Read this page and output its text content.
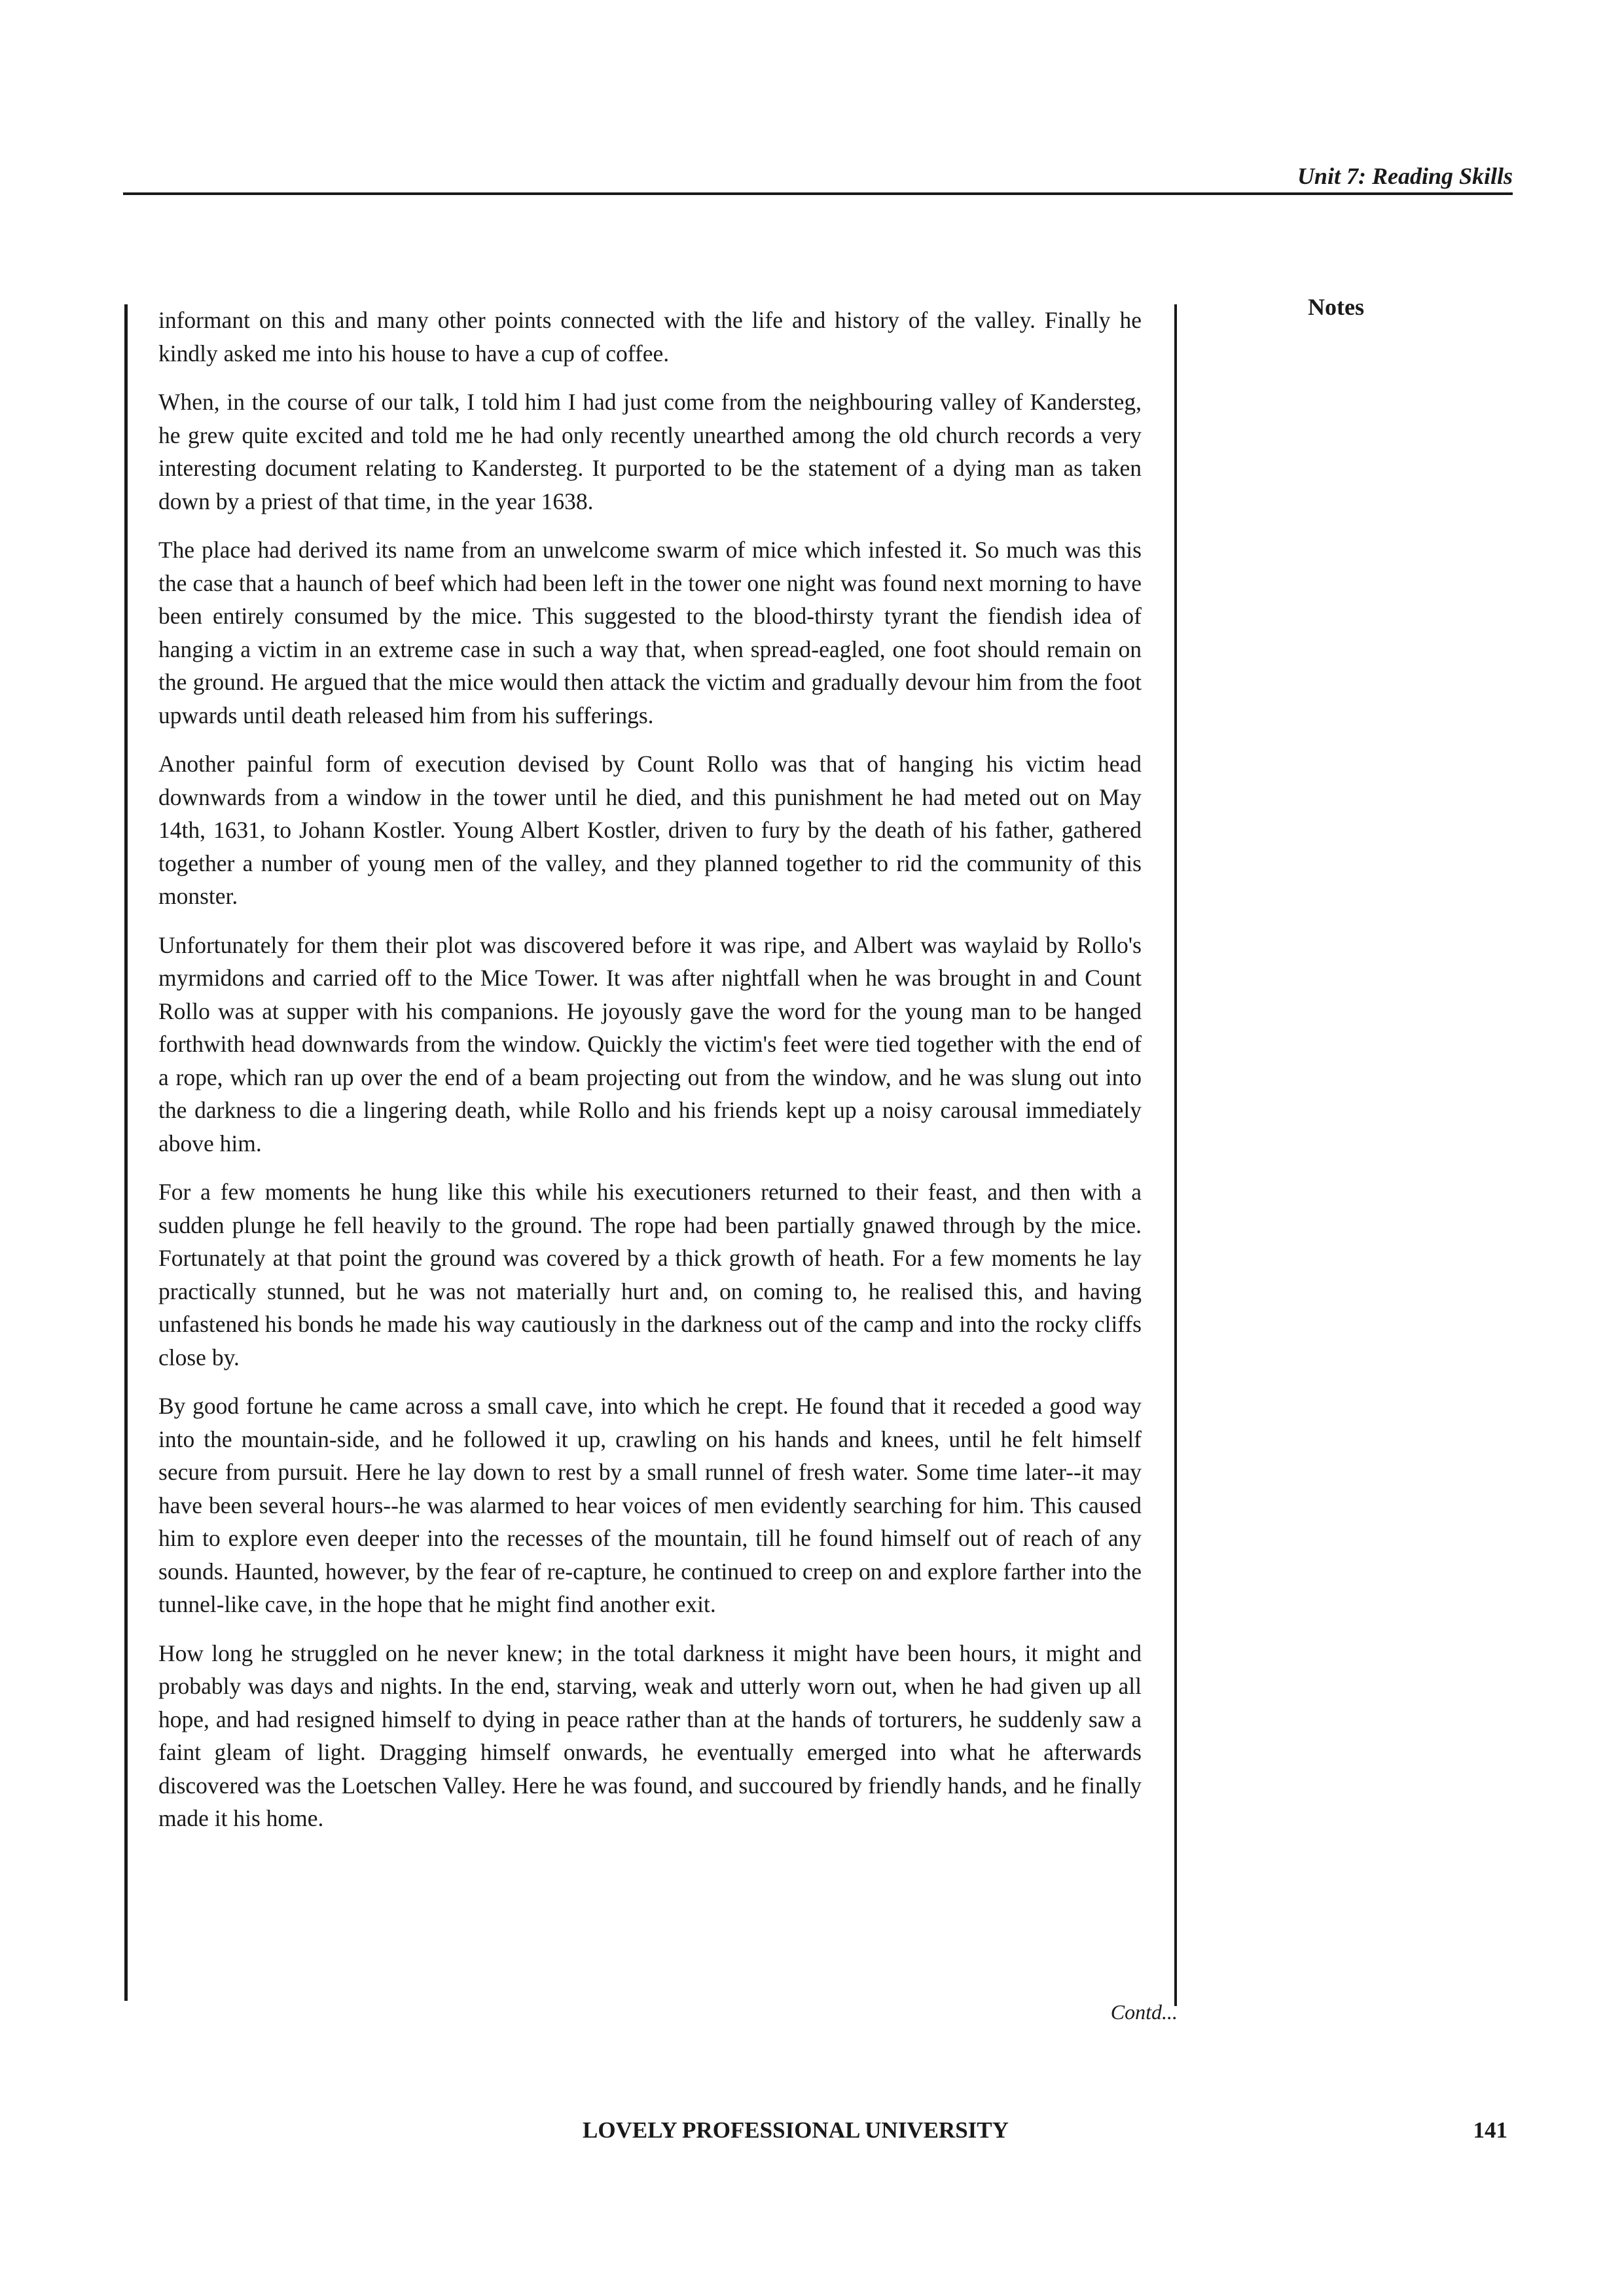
Unit 7: Reading Skills
Notes

informant on this and many other points connected with the life and history of the valley. Finally he kindly asked me into his house to have a cup of coffee.

When, in the course of our talk, I told him I had just come from the neighbouring valley of Kandersteg, he grew quite excited and told me he had only recently unearthed among the old church records a very interesting document relating to Kandersteg. It purported to be the statement of a dying man as taken down by a priest of that time, in the year 1638.

The place had derived its name from an unwelcome swarm of mice which infested it. So much was this the case that a haunch of beef which had been left in the tower one night was found next morning to have been entirely consumed by the mice. This suggested to the blood-thirsty tyrant the fiendish idea of hanging a victim in an extreme case in such a way that, when spread-eagled, one foot should remain on the ground. He argued that the mice would then attack the victim and gradually devour him from the foot upwards until death released him from his sufferings.

Another painful form of execution devised by Count Rollo was that of hanging his victim head downwards from a window in the tower until he died, and this punishment he had meted out on May 14th, 1631, to Johann Kostler. Young Albert Kostler, driven to fury by the death of his father, gathered together a number of young men of the valley, and they planned together to rid the community of this monster.

Unfortunately for them their plot was discovered before it was ripe, and Albert was waylaid by Rollo's myrmidons and carried off to the Mice Tower. It was after nightfall when he was brought in and Count Rollo was at supper with his companions. He joyously gave the word for the young man to be hanged forthwith head downwards from the window. Quickly the victim's feet were tied together with the end of a rope, which ran up over the end of a beam projecting out from the window, and he was slung out into the darkness to die a lingering death, while Rollo and his friends kept up a noisy carousal immediately above him.

For a few moments he hung like this while his executioners returned to their feast, and then with a sudden plunge he fell heavily to the ground. The rope had been partially gnawed through by the mice. Fortunately at that point the ground was covered by a thick growth of heath. For a few moments he lay practically stunned, but he was not materially hurt and, on coming to, he realised this, and having unfastened his bonds he made his way cautiously in the darkness out of the camp and into the rocky cliffs close by.

By good fortune he came across a small cave, into which he crept. He found that it receded a good way into the mountain-side, and he followed it up, crawling on his hands and knees, until he felt himself secure from pursuit. Here he lay down to rest by a small runnel of fresh water. Some time later--it may have been several hours--he was alarmed to hear voices of men evidently searching for him. This caused him to explore even deeper into the recesses of the mountain, till he found himself out of reach of any sounds. Haunted, however, by the fear of re-capture, he continued to creep on and explore farther into the tunnel-like cave, in the hope that he might find another exit.

How long he struggled on he never knew; in the total darkness it might have been hours, it might and probably was days and nights. In the end, starving, weak and utterly worn out, when he had given up all hope, and had resigned himself to dying in peace rather than at the hands of torturers, he suddenly saw a faint gleam of light. Dragging himself onwards, he eventually emerged into what he afterwards discovered was the Loetschen Valley. Here he was found, and succoured by friendly hands, and he finally made it his home.

Contd...
LOVELY PROFESSIONAL UNIVERSITY	141
